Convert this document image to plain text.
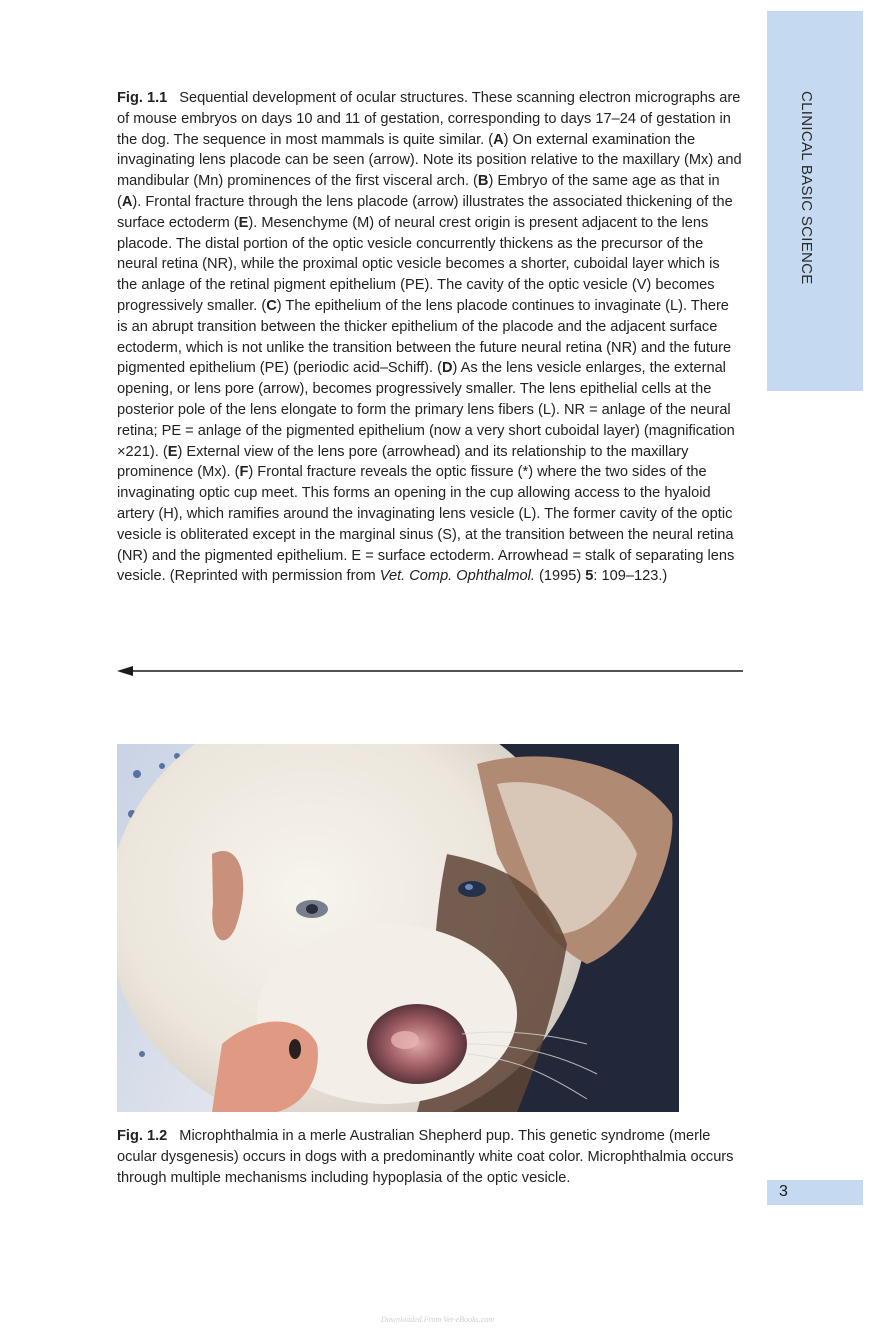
CLINICAL BASIC SCIENCE

Fig. 1.1 Sequential development of ocular structures. These scanning electron micrographs are of mouse embryos on days 10 and 11 of gestation, corresponding to days 17–24 of gestation in the dog. The sequence in most mammals is quite similar. (A) On external examination the invaginating lens placode can be seen (arrow). Note its position relative to the maxillary (Mx) and mandibular (Mn) prominences of the first visceral arch. (B) Embryo of the same age as that in (A). Frontal fracture through the lens placode (arrow) illustrates the associated thickening of the surface ectoderm (E). Mesenchyme (M) of neural crest origin is present adjacent to the lens placode. The distal portion of the optic vesicle concurrently thickens as the precursor of the neural retina (NR), while the proximal optic vesicle becomes a shorter, cuboidal layer which is the anlage of the retinal pigment epithelium (PE). The cavity of the optic vesicle (V) becomes progressively smaller. (C) The epithelium of the lens placode continues to invaginate (L). There is an abrupt transition between the thicker epithelium of the placode and the adjacent surface ectoderm, which is not unlike the transition between the future neural retina (NR) and the future pigmented epithelium (PE) (periodic acid–Schiff). (D) As the lens vesicle enlarges, the external opening, or lens pore (arrow), becomes progressively smaller. The lens epithelial cells at the posterior pole of the lens elongate to form the primary lens fibers (L). NR = anlage of the neural retina; PE = anlage of the pigmented epithelium (now a very short cuboidal layer) (magnification ×221). (E) External view of the lens pore (arrowhead) and its relationship to the maxillary prominence (Mx). (F) Frontal fracture reveals the optic fissure (*) where the two sides of the invaginating optic cup meet. This forms an opening in the cup allowing access to the hyaloid artery (H), which ramifies around the invaginating lens vesicle (L). The former cavity of the optic vesicle is obliterated except in the marginal sinus (S), at the transition between the neural retina (NR) and the pigmented epithelium. E = surface ectoderm. Arrowhead = stalk of separating lens vesicle. (Reprinted with permission from Vet. Comp. Ophthalmol. (1995) 5: 109–123.)

Fig. 1.2 Microphthalmia in a merle Australian Shepherd pup. This genetic syndrome (merle ocular dysgenesis) occurs in dogs with a predominantly white coat color. Microphthalmia occurs through multiple mechanisms including hypoplasia of the optic vesicle.

3
Downloaded From Vet-eBooks.com
